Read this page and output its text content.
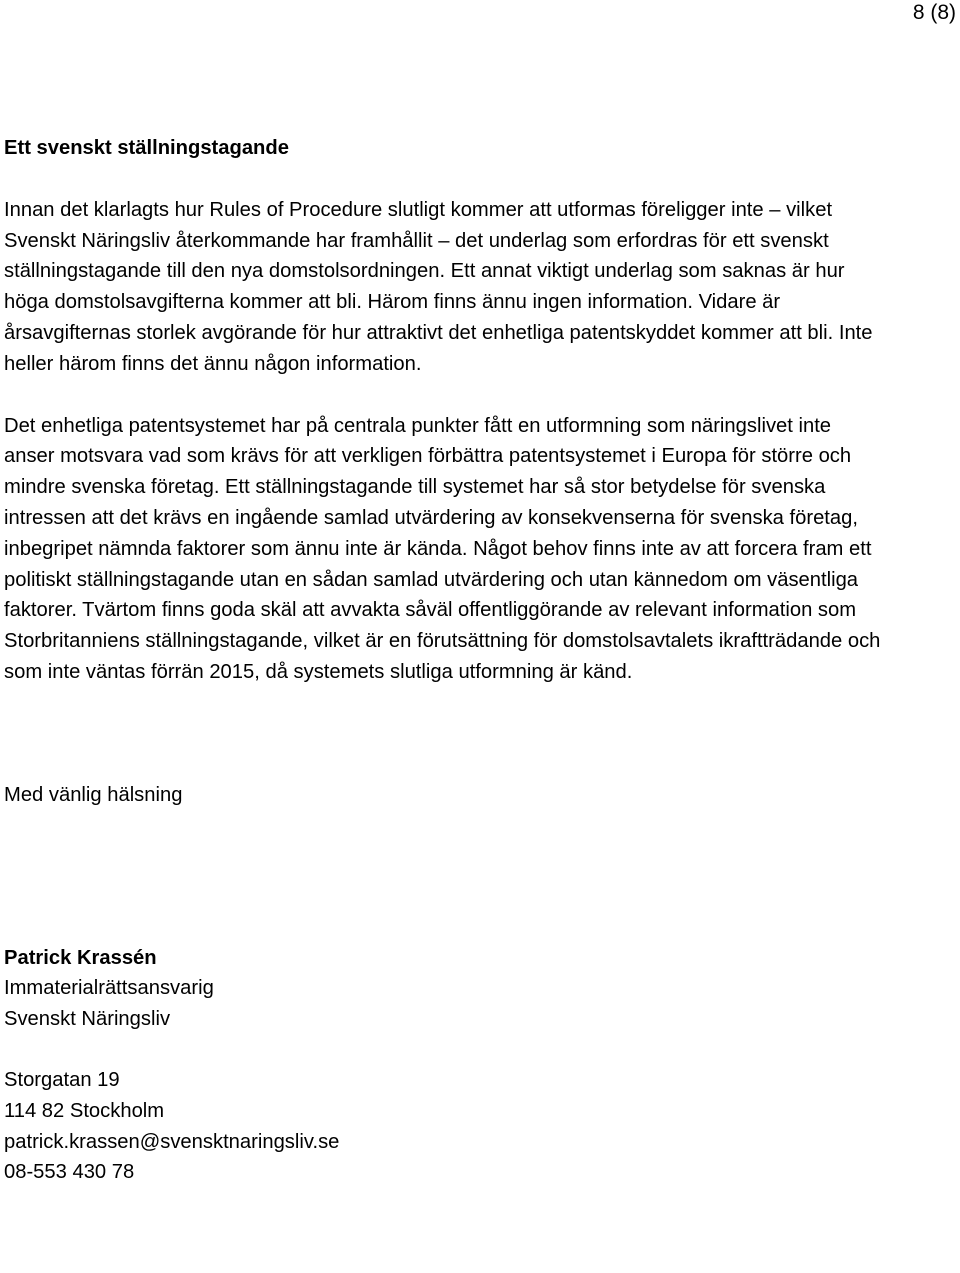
8 (8)

Ett svenskt ställningstagande

Innan det klarlagts hur Rules of Procedure slutligt kommer att utformas föreligger inte – vilket Svenskt Näringsliv återkommande har framhållit – det underlag som erfordras för ett svenskt ställningstagande till den nya domstolsordningen. Ett annat viktigt underlag som saknas är hur höga domstolsavgifterna kommer att bli. Härom finns ännu ingen information. Vidare är årsavgifternas storlek avgörande för hur attraktivt det enhetliga patentskyddet kommer att bli. Inte heller härom finns det ännu någon information.

Det enhetliga patentsystemet har på centrala punkter fått en utformning som näringslivet inte anser motsvara vad som krävs för att verkligen förbättra patentsystemet i Europa för större och mindre svenska företag. Ett ställningstagande till systemet har så stor betydelse för svenska intressen att det krävs en ingående samlad utvärdering av konsekvenserna för svenska företag, inbegripet nämnda faktorer som ännu inte är kända. Något behov finns inte av att forcera fram ett politiskt ställningstagande utan en sådan samlad utvärdering och utan kännedom om väsentliga faktorer. Tvärtom finns goda skäl att avvakta såväl offentliggörande av relevant information som Storbritanniens ställningstagande, vilket är en förutsättning för domstolsavtalets ikraftträdande och som inte väntas förrän 2015, då systemets slutliga utformning är känd.

Med vänlig hälsning

Patrick Krassén
Immaterialrättsansvarig
Svenskt Näringsliv
Storgatan 19
114 82 Stockholm
patrick.krassen@svensktnaringsliv.se
08-553 430 78
